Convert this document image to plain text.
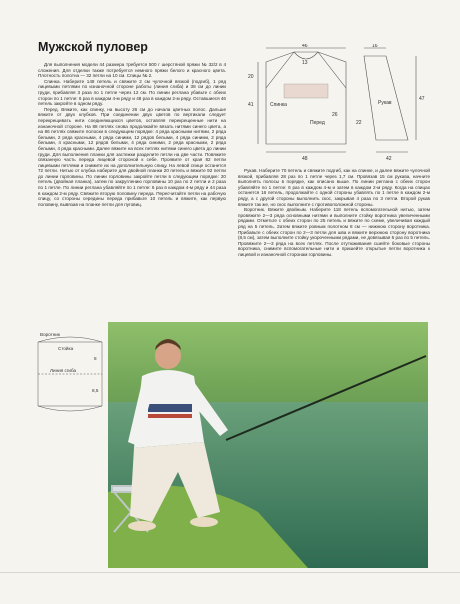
Мужской пуловер

Для выполнения модели 44 размера требуется 500 г шерстяной пряжи № 32/2 в 4 сложения. Для отделки также потребуется немного пряжи белого и красного цвета. Плотность полотна — 32 петли на 10 см. Спицы № 2.

Спинка. Наберите 148 петель и свяжите 2 см чулочной вязкой (подгиб), 1 ряд лицевыми петлями по изнаночной стороне работы (линия сгиба) и 38 см до линии груди, прибавляя 3 раза по 1 петле через 12 см. По линии реглана убавьте с обеих сторон по 1 петле: 6 раз в каждом 4-м ряду и 48 раз в каждом 2-м ряду. Оставшиеся 46 петель закройте в одном ряду.

Перед. Вяжите, как спинку, на высоту 26 см до начала цветных полос. Дальше вяжите от двух клубков. При соединении двух цветов по вертикали следует перекрещивать нити соединяющихся цветов, оставляя перекрещенные нити на изнаночной стороне. На 88 петлях снова продолжайте вязать нитями синего цвета, а на 86 петлях свяжите полоски в следующем порядке: 4 ряда красными нитями, 2 ряда белыми, 2 ряда красными, 4 ряда синими, 12 рядов белыми, 4 ряда синими, 2 ряда белыми, 4 красными, 12 рядов белыми, 4 ряда синими, 2 ряда красными, 2 ряда белыми, 4 ряда красными. Далее вяжите на всех петлях нитями синего цвета до линии груди. Для выполнения планки для застежки разделите петли на две части. Повяжите связанную часть переда лицевой стороной к себе. Проявите от края 82 петли лицевыми петлями и снимите их на дополнительную спицу. На левой спице останется 72 петли. Нитью от клубка наберите для двойной планки 20 петель и вяжите 92 петли до линии горловины. По линии горловины закройте петли в следующем порядке: 20 петель (двойная планка), затем по закруглению горловины 10 раз по 2 петли и 2 раза по 1 петле. По линии реглана убавляйте по 1 петле: 6 раз в каждом 4-м ряду и 44 раза в каждом 2-м ряду. Свяжите вторую половину переда. Пересчитайте петли на рабочую спицу, со стороны середины переда прибавьте 10 петель и вяжите, как первую половину, вывязав на планке петли для пуговиц.

46
48
41
20
13
26
Спинка
Перед
Рукав
16
42
47
22

Рукав. Наберите 70 петель и свяжите подгиб, как на спинке, и далее вяжите чулочной вязкой, прибавляя 28 раз по 1 петле через 1,7 см. Провязав 15 см рукава, начните выполнять полосы в порядке, как описано выше. По линии реглана с обеих сторон убавляйте по 1 петле: 6 раз в каждом 4-м и затем в каждом 2-м ряду. Когда на спицах останется 16 петель, продолжайте с одной стороны убавлять по 1 петле в каждом 2-м ряду, а с другой стороны выполнить скос, закрывая 4 раза по 3 петли. Второй рукав вяжите так же, но скос выполните с противоположной стороны.

Воротник. Вяжите двойным. Наберите 118 петель вспомогательной нитью, затем провяжите 2—3 ряда основными нитями и выполните стойку воротника увеличенными рядами. Отметьте с обеих сторон по 25 петель и вяжите по схеме, увеличивая каждый ряд на 5 петель. Затем вяжите ровным полотном 8 см — нижнюю сторону воротника. Прибавьте с обеих сторон по 2—3 петли для шва и вяжите верхнюю сторону воротника (8,5 см), затем выполните стойку укороченными рядами, не довязывая 5 раз по 5 петель. Провяжите 2—3 ряда на всех петлях. После отутюживания сшейте боковые стороны воротника, снимите вспомогательные нити и пришейте открытые петли воротника к лицевой и изнаночной сторонам горловины.

Воротник
Стойка
Линия сгиба
8
8,5
